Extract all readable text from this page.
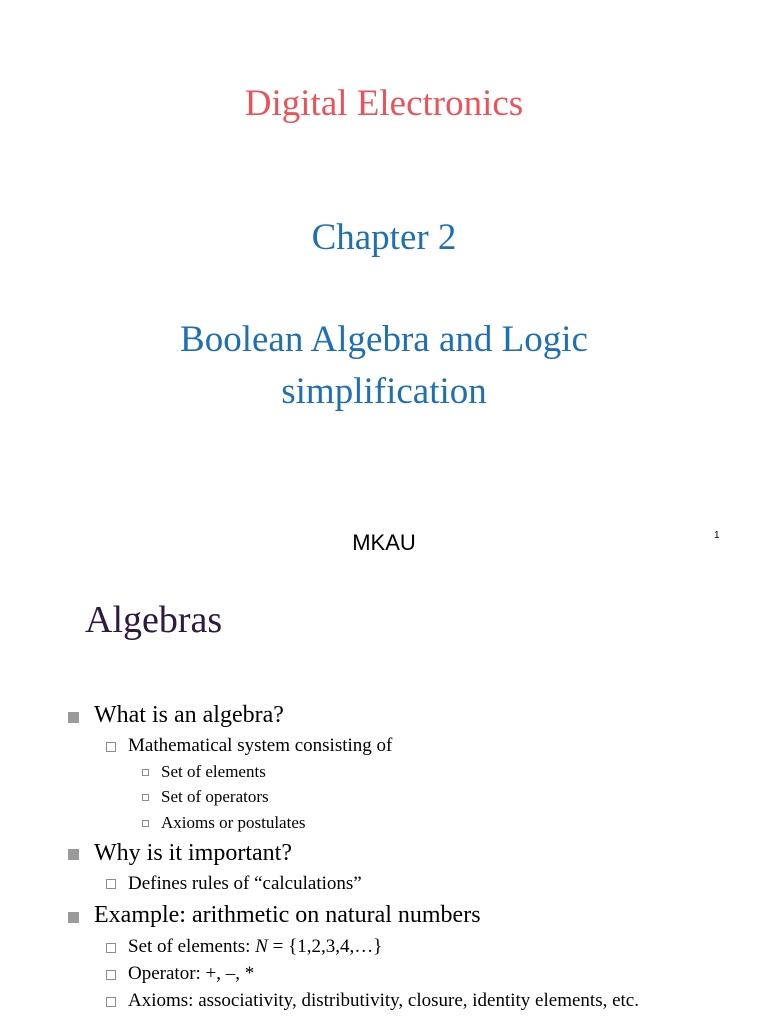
Digital Electronics
Chapter 2
Boolean Algebra and Logic simplification
MKAU	1
Algebras
What is an algebra?
Mathematical system consisting of
Set of elements
Set of operators
Axioms or postulates
Why is it important?
Defines rules of “calculations”
Example: arithmetic on natural numbers
Set of elements: N = {1,2,3,4,…}
Operator: +, –, *
Axioms: associativity, distributivity, closure, identity elements, etc.
